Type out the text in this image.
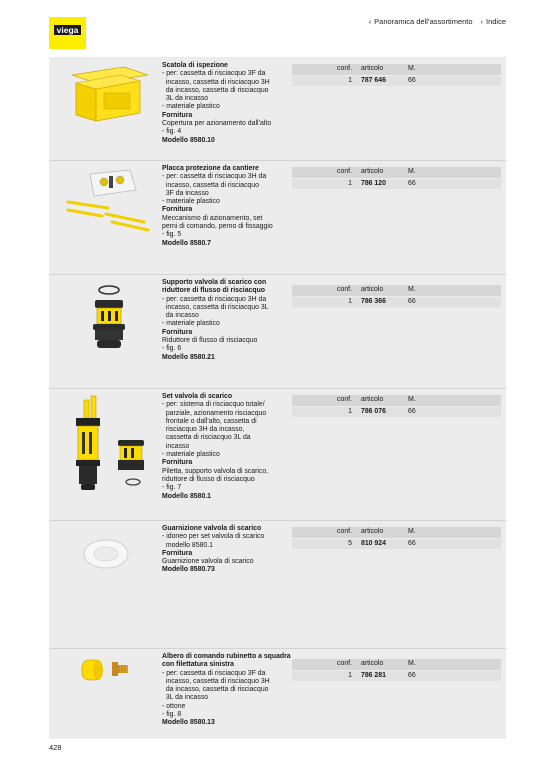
viega
‹ Panoramica dell’assortimento ‹ Indice
Scatola di ispezione
- per: cassetta di risciacquo 3F da
incasso, cassetta di risciacquo 3H
da incasso, cassetta di risciacquo
3L da incasso
- materiale plastico
Fornitura
Copertura per azionamento dall’alto
- fig. 4
Modello 8580.10
conf.	articolo	M.
1	787 646	66
Placca protezione da cantiere
- per: cassetta di risciacquo 3H da
incasso, cassetta di risciacquo
3F da incasso
- materiale plastico
Fornitura
Meccanismo di azionamento, set
perni di comando, perno di fissaggio
- fig. 5
Modello 8580.7
conf.	articolo	M.
1	786 120	66
Supporto valvola di scarico con riduttore di flusso di risciacquo
- per: cassetta di risciacquo 3H da
incasso, cassetta di risciacquo 3L
da incasso
- materiale plastico
Fornitura
Riduttore di flusso di risciacquo
- fig. 6
Modello 8580.21
conf.	articolo	M.
1	786 366	66
Set valvola di scarico
- per: sistema di risciacquo totale/
parziale, azionamento risciacquo
frontale o dall’alto, cassetta di
risciacquo 3H da incasso,
cassetta di risciacquo 3L da
incasso
- materiale plastico
Fornitura
Piletta, supporto valvola di scarico,
riduttore di flusso di risciacquo
- fig. 7
Modello 8580.1
conf.	articolo	M.
1	786 076	66
Guarnizione valvola di scarico
- idoneo per set valvola di scarico
modello 8580.1
Fornitura
Guarnizione valvola di scarico
Modello 8580.73
conf.	articolo	M.
5	810 924	66
Albero di comando rubinetto a squadra con filettatura sinistra
- per: cassetta di risciacquo 3F da
incasso, cassetta di risciacquo 3H
da incasso, cassetta di risciacquo
3L da incasso
- ottone
- fig. 8
Modello 8580.13
conf.	articolo	M.
1	786 281	66
428
